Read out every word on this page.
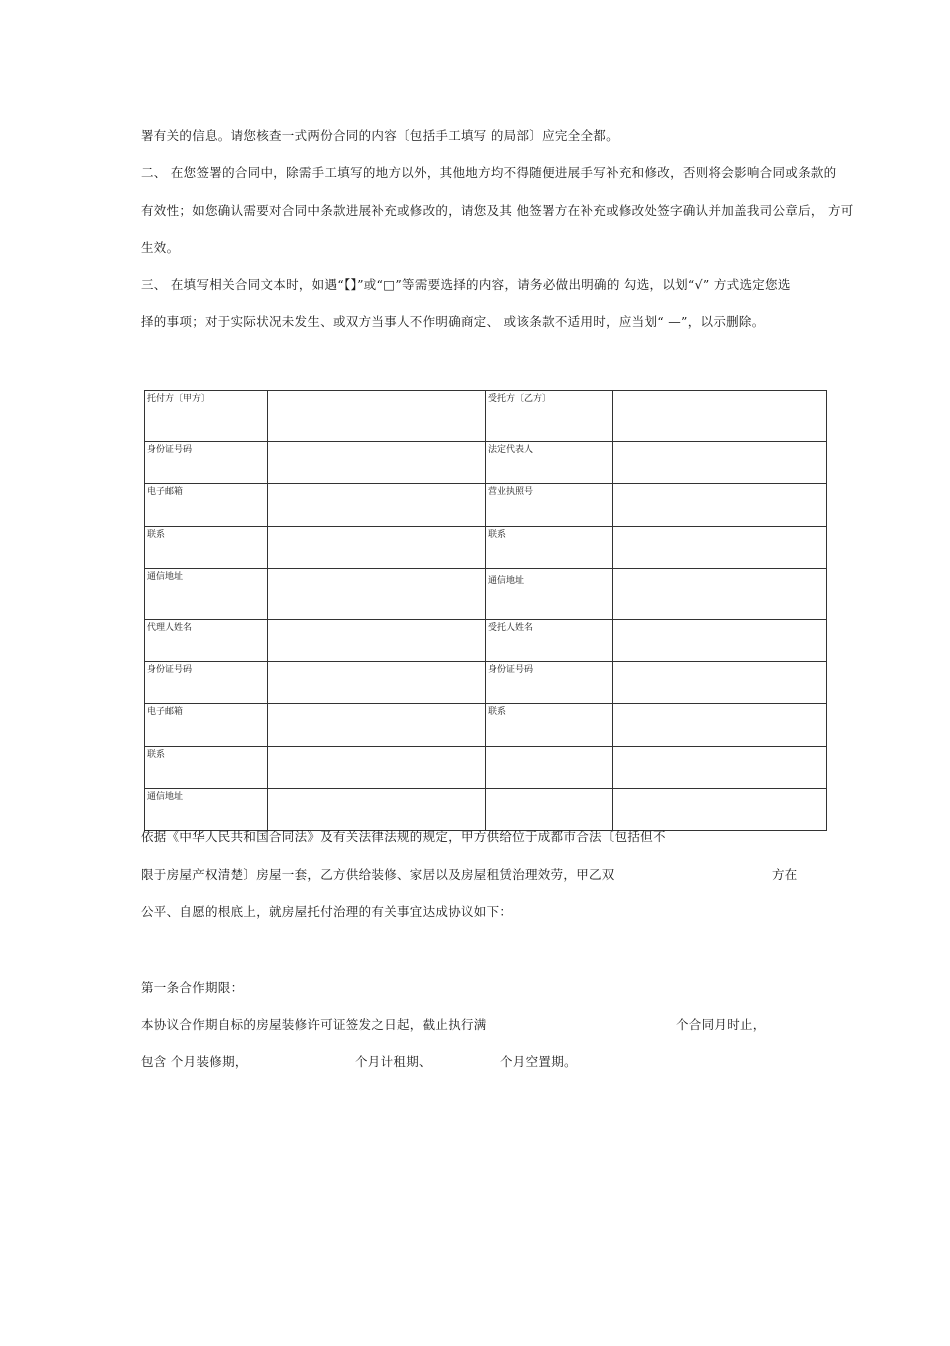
署有关的信息。请您核查一式两份合同的内容〔包括手工填写 的局部〕应完全全都。
二、 在您签署的合同中，除需手工填写的地方以外，其他地方均不得随便进展手写补充和修改，否则将会影响合同或条款的
有效性；如您确认需要对合同中条款进展补充或修改的，请您及其 他签署方在补充或修改处签字确认并加盖我司公章后， 方可
生效。
三、 在填写相关合同文本时，如遇“【】”或“□”等需要选择的内容，请务必做出明确的 勾选，以划“√” 方式选定您选
择的事项；对于实际状况未发生、或双方当事人不作明确商定、 或该条款不适用时，应当划“ —”，以示删除。
托付方〔甲方〕		受托方〔乙方〕	
身份证号码		法定代表人	
电子邮箱		营业执照号	
联系		联系	
通信地址		通信地址	
代理人姓名		受托人姓名	
身份证号码		身份证号码	
电子邮箱		联系	
联系			
通信地址			
依据《中华人民共和国合同法》及有关法律法规的规定，甲方供给位于成都市合法〔包括但不
限于房屋产权清楚〕房屋一套，乙方供给装修、家居以及房屋租赁治理效劳，甲乙双	方在
公平、自愿的根底上，就房屋托付治理的有关事宜达成协议如下：
第一条合作期限：
本协议合作期自标的房屋装修许可证签发之日起，截止执行满	个合同月时止，
包含 个月装修期，	个月计租期、	个月空置期。
